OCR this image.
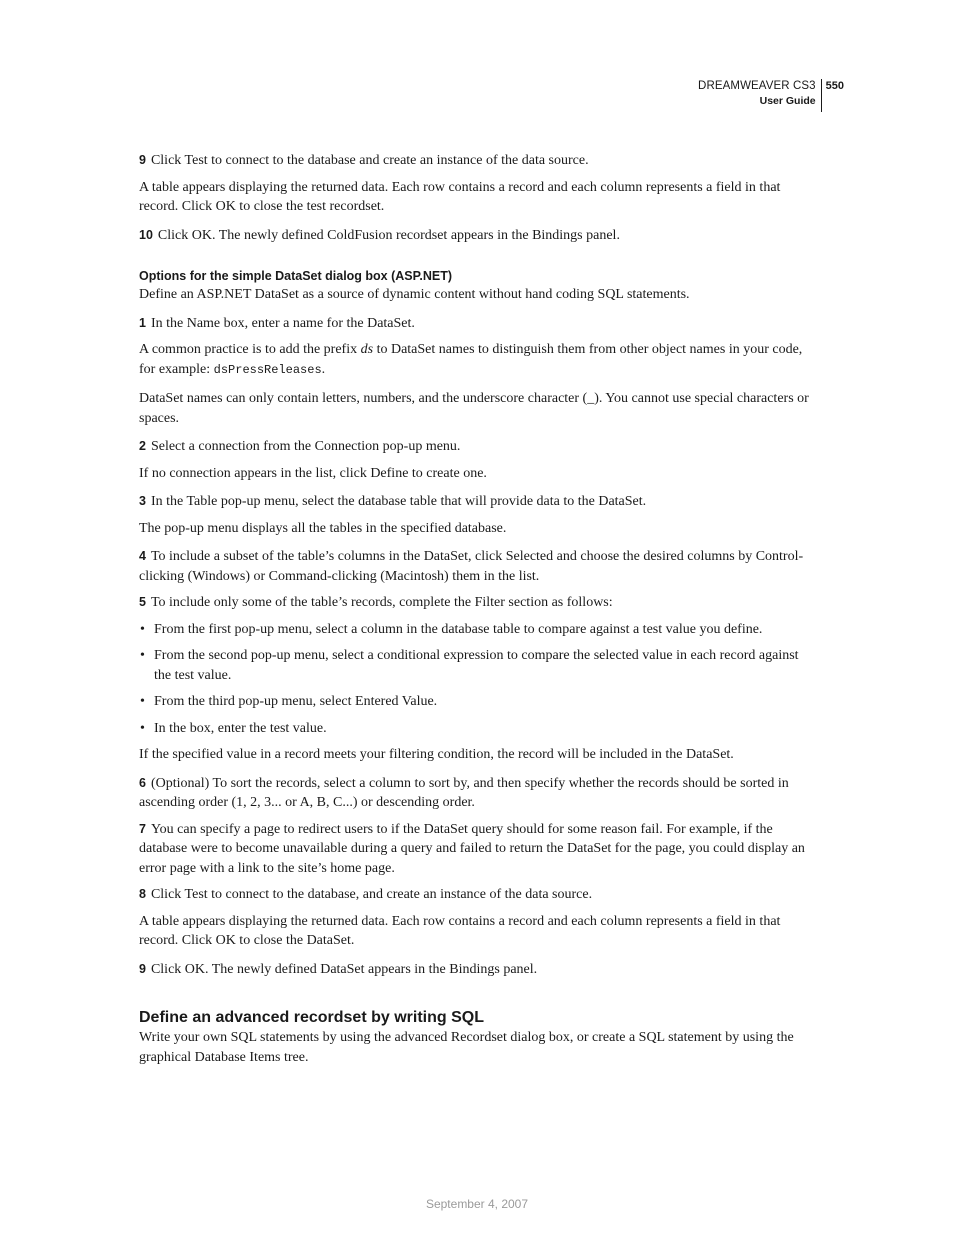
DREAMWEAVER CS3
User Guide
550

9 Click Test to connect to the database and create an instance of the data source.

A table appears displaying the returned data. Each row contains a record and each column represents a field in that record. Click OK to close the test recordset.

10 Click OK. The newly defined ColdFusion recordset appears in the Bindings panel.

Options for the simple DataSet dialog box (ASP.NET)

Define an ASP.NET DataSet as a source of dynamic content without hand coding SQL statements.

1 In the Name box, enter a name for the DataSet.

A common practice is to add the prefix ds to DataSet names to distinguish them from other object names in your code, for example: dsPressReleases.

DataSet names can only contain letters, numbers, and the underscore character (_). You cannot use special characters or spaces.

2 Select a connection from the Connection pop-up menu.

If no connection appears in the list, click Define to create one.

3 In the Table pop-up menu, select the database table that will provide data to the DataSet.

The pop-up menu displays all the tables in the specified database.

4 To include a subset of the table’s columns in the DataSet, click Selected and choose the desired columns by Control-clicking (Windows) or Command-clicking (Macintosh) them in the list.

5 To include only some of the table’s records, complete the Filter section as follows:

• From the first pop-up menu, select a column in the database table to compare against a test value you define.

• From the second pop-up menu, select a conditional expression to compare the selected value in each record against the test value.

• From the third pop-up menu, select Entered Value.

• In the box, enter the test value.

If the specified value in a record meets your filtering condition, the record will be included in the DataSet.

6 (Optional) To sort the records, select a column to sort by, and then specify whether the records should be sorted in ascending order (1, 2, 3... or A, B, C...) or descending order.

7 You can specify a page to redirect users to if the DataSet query should for some reason fail. For example, if the database were to become unavailable during a query and failed to return the DataSet for the page, you could display an error page with a link to the site’s home page.

8 Click Test to connect to the database, and create an instance of the data source.

A table appears displaying the returned data. Each row contains a record and each column represents a field in that record. Click OK to close the DataSet.

9 Click OK. The newly defined DataSet appears in the Bindings panel.

Define an advanced recordset by writing SQL

Write your own SQL statements by using the advanced Recordset dialog box, or create a SQL statement by using the graphical Database Items tree.

September 4, 2007
